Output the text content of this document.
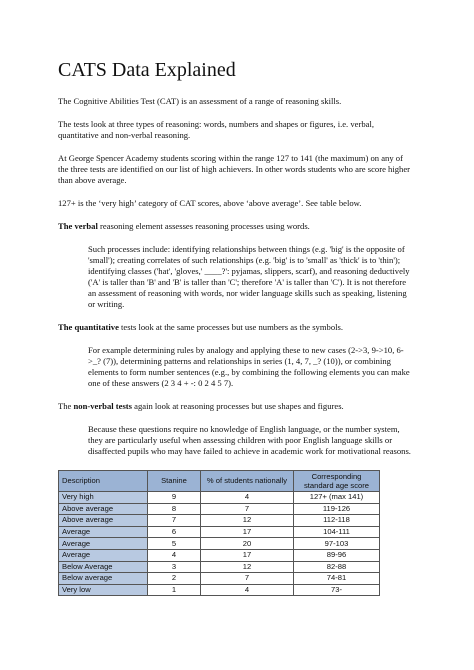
CATS Data Explained

The Cognitive Abilities Test (CAT) is an assessment of a range of reasoning skills.

The tests look at three types of reasoning: words, numbers and shapes or figures, i.e. verbal, quantitative and non-verbal reasoning.

At George Spencer Academy students scoring within the range 127 to 141 (the maximum) on any of the three tests are identified on our list of high achievers. In other words students who are score higher than above average.

127+ is the ‘very high’ category of CAT scores, above ‘above average’. See table below.

The verbal reasoning element assesses reasoning processes using words.

Such processes include: identifying relationships between things (e.g. 'big' is the opposite of 'small'); creating correlates of such relationships (e.g. 'big' is to 'small' as 'thick' is to 'thin'); identifying classes ('hat', 'gloves,' ____?': pyjamas, slippers, scarf), and reasoning deductively ('A' is taller than 'B' and 'B' is taller than 'C'; therefore 'A' is taller than 'C'). It is not therefore an assessment of reasoning with words, nor wider language skills such as speaking, listening or writing.

The quantitative tests look at the same processes but use numbers as the symbols.

For example determining rules by analogy and applying these to new cases (2->3, 9->10, 6->_? (7)), determining patterns and relationships in series (1, 4, 7, _? (10)), or combining elements to form number sentences (e.g., by combining the following elements you can make one of these answers (2 3 4 + -: 0 2 4 5 7).

The non-verbal tests again look at reasoning processes but use shapes and figures.

Because these questions require no knowledge of English language, or the number system, they are particularly useful when assessing children with poor English language skills or disaffected pupils who may have failed to achieve in academic work for motivational reasons.

Description	Stanine	% of students nationally	Corresponding standard age score
Very high	9	4	127+ (max 141)
Above average	8	7	119-126
Above average	7	12	112-118
Average	6	17	104-111
Average	5	20	97-103
Average	4	17	89-96
Below Average	3	12	82-88
Below average	2	7	74-81
Very low	1	4	73-
